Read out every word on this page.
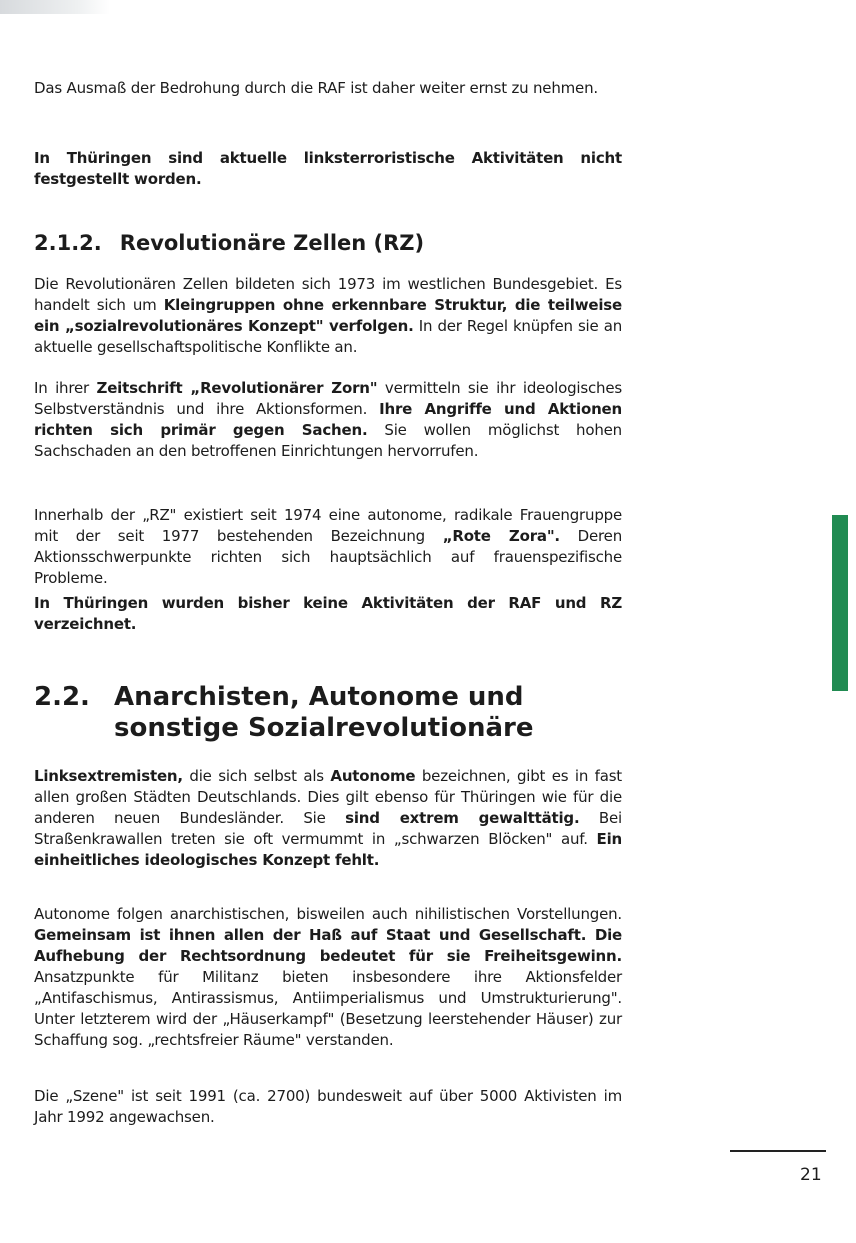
Das Ausmaß der Bedrohung durch die RAF ist daher weiter ernst zu nehmen.

In Thüringen sind aktuelle linksterroristische Aktivitäten nicht festgestellt worden.

2.1.2. Revolutionäre Zellen (RZ)

Die Revolutionären Zellen bildeten sich 1973 im westlichen Bundesgebiet. Es handelt sich um Kleingruppen ohne erkennbare Struktur, die teilweise ein „sozialrevolutionäres Konzept" verfolgen. In der Regel knüpfen sie an aktuelle gesellschaftspolitische Konflikte an.

In ihrer Zeitschrift „Revolutionärer Zorn" vermitteln sie ihr ideologisches Selbstverständnis und ihre Aktionsformen. Ihre Angriffe und Aktionen richten sich primär gegen Sachen. Sie wollen möglichst hohen Sachschaden an den betroffenen Einrichtungen hervorrufen.

Innerhalb der „RZ" existiert seit 1974 eine autonome, radikale Frauengruppe mit der seit 1977 bestehenden Bezeichnung „Rote Zora". Deren Aktionsschwerpunkte richten sich hauptsächlich auf frauenspezifische Probleme.

In Thüringen wurden bisher keine Aktivitäten der RAF und RZ verzeichnet.

2.2. Anarchisten, Autonome und
sonstige Sozialrevolutionäre

Linksextremisten, die sich selbst als Autonome bezeichnen, gibt es in fast allen großen Städten Deutschlands. Dies gilt ebenso für Thüringen wie für die anderen neuen Bundesländer. Sie sind extrem gewalttätig. Bei Straßenkrawallen treten sie oft vermummt in „schwarzen Blöcken" auf. Ein einheitliches ideologisches Konzept fehlt.

Autonome folgen anarchistischen, bisweilen auch nihilistischen Vorstellungen. Gemeinsam ist ihnen allen der Haß auf Staat und Gesellschaft. Die Aufhebung der Rechtsordnung bedeutet für sie Freiheitsgewinn. Ansatzpunkte für Militanz bieten insbesondere ihre Aktionsfelder „Antifaschismus, Antirassismus, Antiimperialismus und Umstrukturierung". Unter letzterem wird der „Häuserkampf" (Besetzung leerstehender Häuser) zur Schaffung sog. „rechtsfreier Räume" verstanden.

Die „Szene" ist seit 1991 (ca. 2700) bundesweit auf über 5000 Aktivisten im Jahr 1992 angewachsen.

21
